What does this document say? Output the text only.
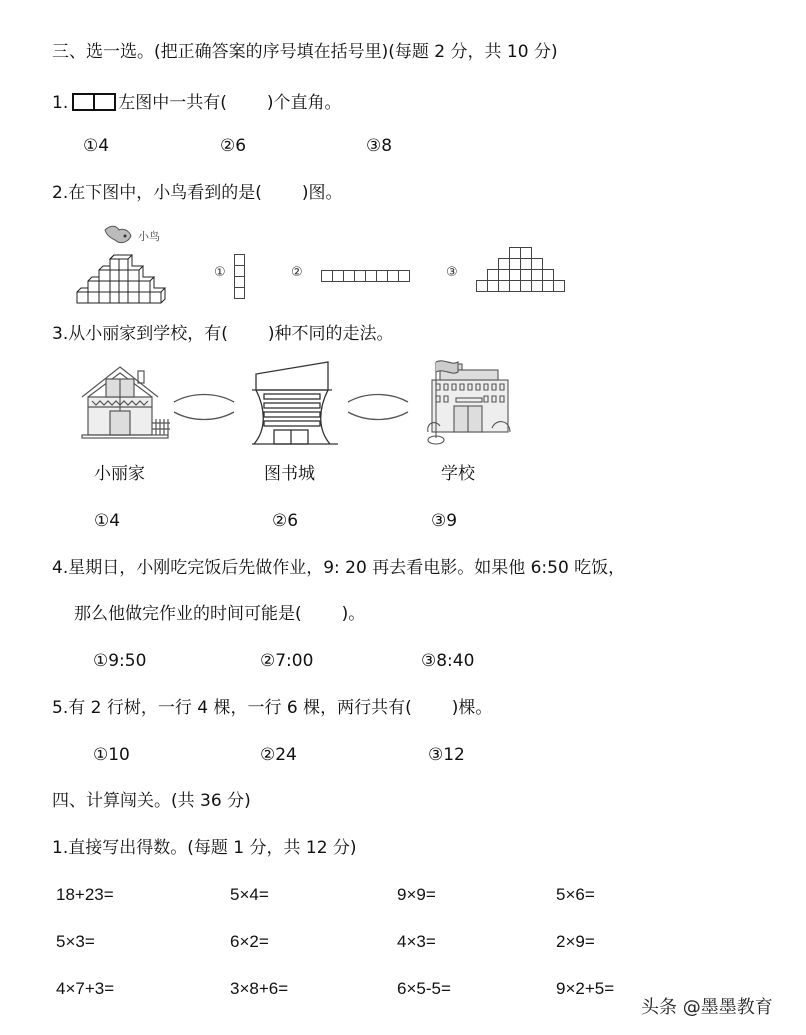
三、选一选。(把正确答案的序号填在括号里)(每题 2 分，共 10 分)
1.	左图中一共有( )个直角。
①4	②6	③8
2.在下图中，小鸟看到的是( )图。
小鸟
①	②	③
3.从小丽家到学校，有( )种不同的走法。
小丽家	图书城	学校
①4	②6	③9
4.星期日，小刚吃完饭后先做作业，9: 20 再去看电影。如果他 6:50 吃饭，
那么他做完作业的时间可能是( )。
①9:50	②7:00	③8:40
5.有 2 行树，一行 4 棵，一行 6 棵，两行共有( )棵。
①10	②24	③12
四、计算闯关。(共 36 分)
1.直接写出得数。(每题 1 分，共 12 分)
18+23=	5×4=	9×9=	5×6=
5×3=	6×2=	4×3=	2×9=
4×7+3=	3×8+6=	6×5-5=	9×2+5=
头条 @墨墨教育
